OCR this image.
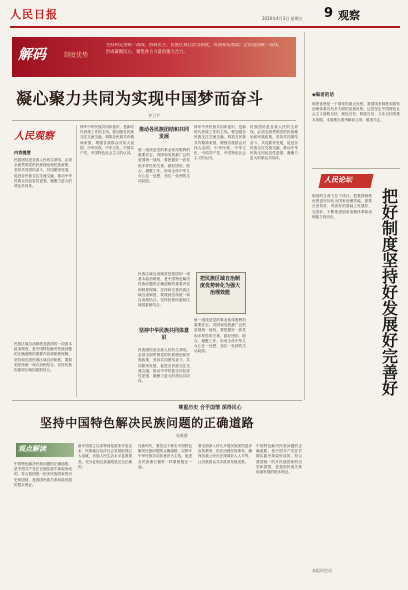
人民日报	2020年4月3日 星期五	9 观察
解码	制度优势
坚持和完善统一战线、协商民主、民族区域自治等制度，巩固和发展最广泛的爱国统一战线，形成凝聚民心、聚集各方力量的强大合力。
凝心聚力共同为实现中国梦而奋斗
齐卫平
人民观察
内容提要
民族团结是各族人民的生命线。必须全面贯彻党的民族理论和民族政策，坚持共同团结奋斗、共同繁荣发展，促进各民族交往交流交融，推动中华民族走向包容性更强、凝聚力更大的命运共同体。
民族区域自治制度是我国的一项基本政治制度，是中国特色解决民族问题的正确道路的重要内容和制度保障。坚持和完善民族区域自治制度，要做到坚持统一和自治相结合、坚持民族因素和区域因素相结合。
铸牢中华民族共同体意识，是新时代民族工作的主线。要加强各民族交往交流交融，构筑各民族共有精神家园，增强各族群众对伟大祖国、中华民族、中华文化、中国共产党、中国特色社会主义的认同。
推动各民族团结和共同发展
统一战线是党的事业取得胜利的重要法宝。巩固和发展最广泛的爱国统一战线，要把握好一致性和多样性的关系，做好团结、联合、凝聚工作，形成全体中华儿女心往一处想、劲往一处使的生动局面。
民族区域自治制度是我国的一项基本政治制度，是中国特色解决民族问题的正确道路的重要内容和制度保障。坚持和完善民族区域自治制度，要做到坚持统一和自治相结合、坚持民族因素和区域因素相结合。
坚持中华民族共同体意识
民族团结是各族人民的生命线。必须全面贯彻党的民族理论和民族政策，坚持共同团结奋斗、共同繁荣发展，促进各民族交往交流交融，推动中华民族走向包容性更强、凝聚力更大的命运共同体。
铸牢中华民族共同体意识，是新时代民族工作的主线。要加强各民族交往交流交融，构筑各民族共有精神家园，增强各族群众对伟大祖国、中华民族、中华文化、中国共产党、中国特色社会主义的认同。
把民族区域自治制度优势转化为强大治理效能
统一战线是党的事业取得胜利的重要法宝。巩固和发展最广泛的爱国统一战线，要把握好一致性和多样性的关系，做好团结、联合、凝聚工作，形成全体中华儿女心往一处想、劲往一处使的生动局面。
民族团结是各族人民的生命线。必须全面贯彻党的民族理论和民族政策，坚持共同团结奋斗、共同繁荣发展，促进各民族交往交流交融，推动中华民族走向包容性更强、凝聚力更大的命运共同体。
◆编者的话
制度优势是一个国家的最大优势。我国国家制度和国家治理体系具有多方面的显著优势，这是坚定中国特色社会主义道路自信、理论自信、制度自信、文化自信的基本依据。本版推出系列解读文章，敬请关注。
人民论坛
把好制度坚持好发展好完善好
制度的生命力在于执行。把我国制度优势更好转化为国家治理效能，需要在坚持好、巩固好的基础上发展好、完善好，不断推进国家治理体系和治理能力现代化。
本报评论员
尊重历史 合乎国情 深得民心
坚持中国特色解决民族问题的正确道路
朱维群
观点解读
中国特色解决民族问题的正确道路，是中国共产党在长期实践中探索形成的，符合我国统一的多民族国家的历史和国情，是我国民族关系和谐发展的根本保证。
新中国成立以来特别是改革开放以来，民族地区经济社会发展取得巨大成就，各族人民生活水平显著提高，充分证明这条道路是完全正确的。
在新时代，要坚定不移走中国特色解决民族问题的正确道路，以铸牢中华民族共同体意识为主线，促进各民族像石榴籽一样紧紧抱在一起。
要全面深入持久开展民族团结进步宣传教育，依法治理民族事务，确保各族公民在法律面前人人平等，让各族群众共享改革发展成果。
中国特色解决民族问题的正确道路，是中国共产党在长期实践中探索形成的，符合我国统一的多民族国家的历史和国情，是我国民族关系和谐发展的根本保证。
